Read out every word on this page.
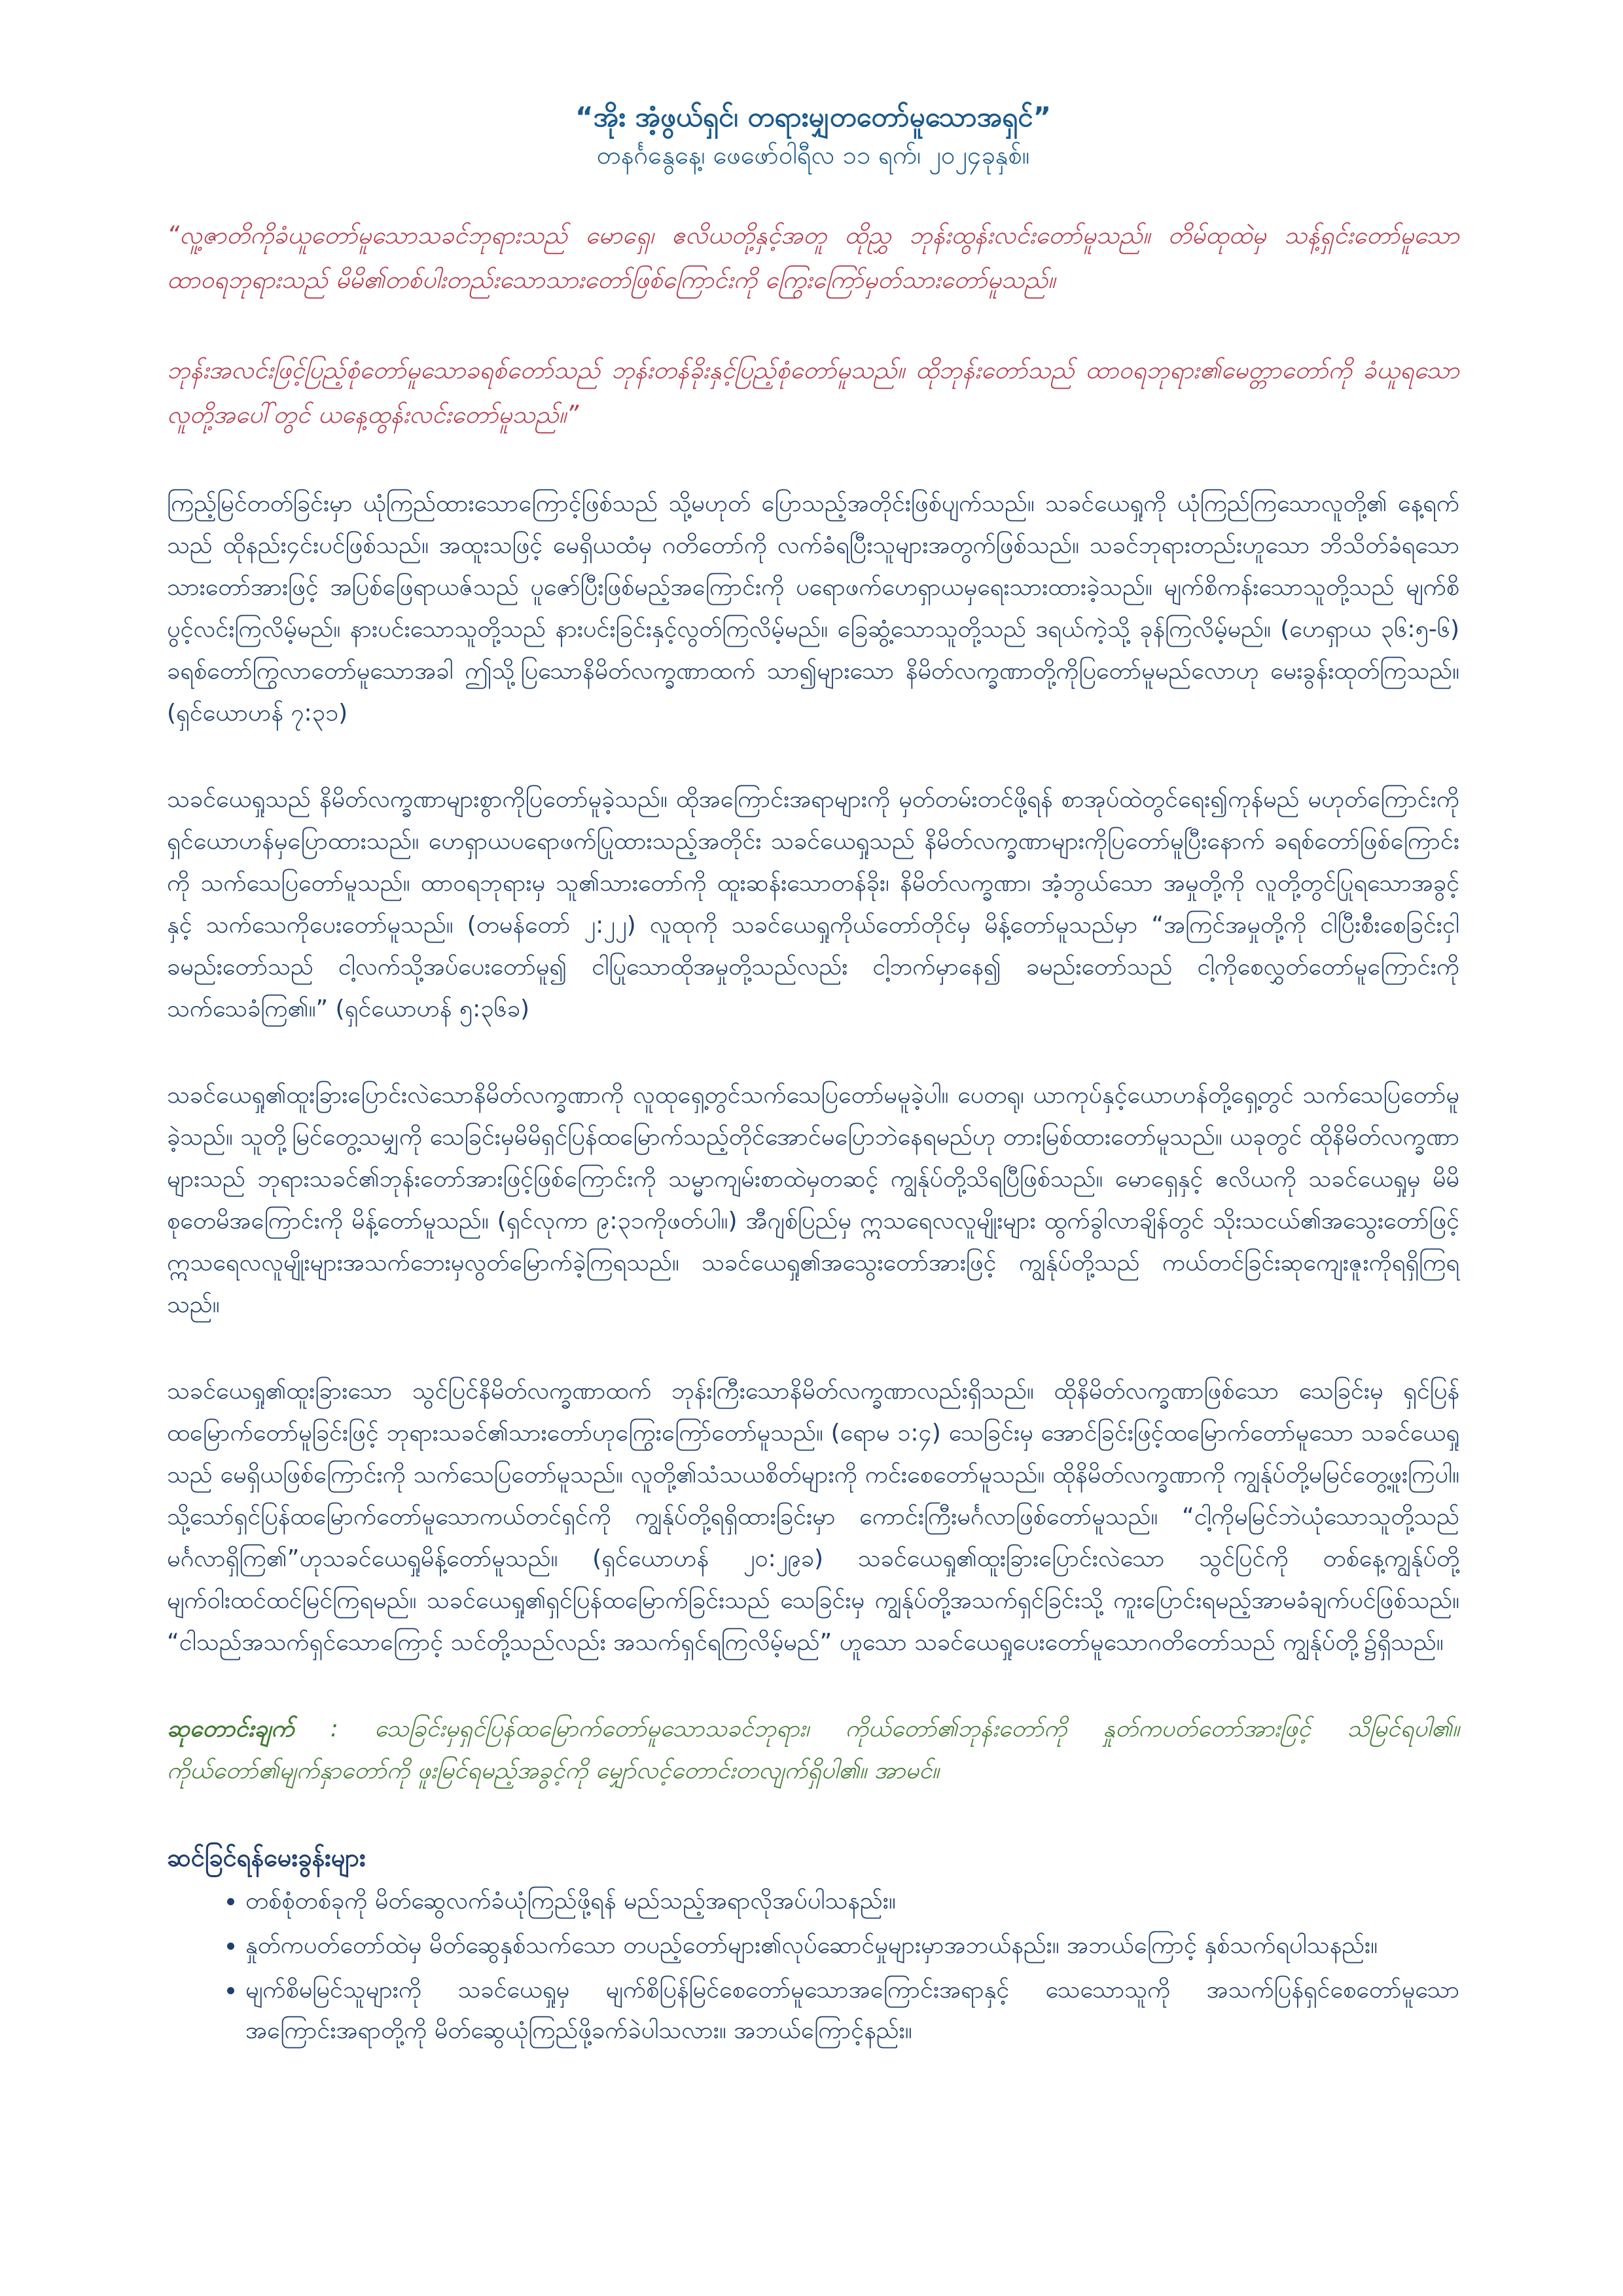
“အိုး အံ့ဖွယ်ရှင်၊ တရားမျှတတော်မူသောအရှင်”
တနင်္ဂနွေနေ့၊ ဖေဖော်ဝါရီလ ၁၁ ရက်၊ ၂၀၂၄ခုနှစ်။

“လူ့ဇာတိကိုခံယူတော်မူသောသခင်ဘုရားသည် မောရှေ၊ ဧလိယတို့နှင့်အတူ ထိုညွှ ဘုန်းထွန်းလင်းတော်မူသည်။ တိမ်ထုထဲမှ သန့်ရှင်းတော်မူသော ထာဝရဘုရားသည် မိမိ၏တစ်ပါးတည်းသောသားတော်ဖြစ်ကြောင်းကို ကြွေးကြော်မှတ်သားတော်မူသည်။

ဘုန်းအလင်းဖြင့်ပြည့်စုံတော်မူသောခရစ်တော်သည် ဘုန်းတန်ခိုးနှင့်ပြည့်စုံတော်မူသည်။ ထိုဘုန်းတော်သည် ထာဝရဘုရား၏မေတ္တာတော်ကို ခံယူရသောလူတို့အပေါ်တွင် ယနေ့ထွန်းလင်းတော်မူသည်။”

ကြည့်မြင်တတ်ခြင်းမှာ ယုံကြည်ထားသောကြောင့်ဖြစ်သည် သို့မဟုတ် ပြောသည့်အတိုင်းဖြစ်ပျက်သည်။ သခင်ယေရှုကို ယုံကြည်ကြသောလူတို့၏ နေ့ရက်သည် ထိုနည်း၄င်းပင်ဖြစ်သည်။ အထူးသဖြင့် မေရှိယထံမှ ဂတိတော်ကို လက်ခံရပြီးသူများအတွက်ဖြစ်သည်။ သခင်ဘုရားတည်းဟူသော ဘိသိတ်ခံရသောသားတော်အားဖြင့် အပြစ်ဖြေရာယဇ်သည် ပူဇော်ပြီးဖြစ်မည့်အကြောင်းကို ပရောဖက်ဟေရှာယမှရေးသားထားခဲ့သည်။ မျက်စိကန်းသောသူတို့သည် မျက်စိပွင့်လင်းကြလိမ့်မည်။ နားပင်းသောသူတို့သည် နားပင်းခြင်းနှင့်လွတ်ကြလိမ့်မည်။ ခြေဆွံ့သောသူတို့သည် ဒရယ်ကဲ့သို့ ခုန်ကြလိမ့်မည်။ (ဟေရှာယ ၃၆:၅-၆) ခရစ်တော်ကြွလာတော်မူသောအခါ ဤသို့ပြသောနိမိတ်လက္ခဏာထက် သာ၍များသော နိမိတ်လက္ခဏာတို့ကိုပြတော်မူမည်လောဟု မေးခွန်းထုတ်ကြသည်။ (ရှင်ယောဟန် ၇:၃၁)

သခင်ယေရှုသည် နိမိတ်လက္ခဏာများစွာကိုပြတော်မူခဲ့သည်။ ထိုအကြောင်းအရာများကို မှတ်တမ်းတင်ဖို့ရန် စာအုပ်ထဲတွင်ရေး၍ကုန်မည် မဟုတ်ကြောင်းကို ရှင်ယောဟန်မှပြောထားသည်။ ဟေရှာယပရောဖက်ပြုထားသည့်အတိုင်း သခင်ယေရှုသည် နိမိတ်လက္ခဏာများကိုပြတော်မူပြီးနောက် ခရစ်တော်ဖြစ်ကြောင်းကို သက်သေပြတော်မူသည်။ ထာဝရဘုရားမှ သူ၏သားတော်ကို ထူးဆန်းသောတန်ခိုး၊ နိမိတ်လက္ခဏာ၊ အံ့ဘွယ်သော အမှုတို့ကို လူတို့တွင်ပြုရသောအခွင့်နှင့် သက်သေကိုပေးတော်မူသည်။ (တမန်တော် ၂:၂၂) လူထုကို သခင်ယေရှုကိုယ်တော်တိုင်မှ မိန့်တော်မူသည်မှာ “အကြင်အမှုတို့ကို ငါပြီးစီးစေခြင်းငှါ ခမည်းတော်သည် ငါ့လက်သို့အပ်ပေးတော်မူ၍ ငါပြုသောထိုအမှုတို့သည်လည်း ငါ့ဘက်မှာနေ၍ ခမည်းတော်သည် ငါ့ကိုစေလွှတ်တော်မူကြောင်းကိုသက်သေခံကြ၏။” (ရှင်ယောဟန် ၅:၃၆ခ)

သခင်ယေရှု၏ထူးခြားပြောင်းလဲသောနိမိတ်လက္ခဏာကို လူထုရှေ့တွင်သက်သေပြတော်မမူခဲ့ပါ။ ပေတရု၊ ယာကုပ်နှင့်ယောဟန်တို့ရှေ့တွင် သက်သေပြတော်မူခဲ့သည်။ သူတို့မြင်တွေ့သမျှကို သေခြင်းမှမိမိရှင်ပြန်ထမြောက်သည့်တိုင်အောင်မပြောဘဲနေရမည်ဟု တားမြစ်ထားတော်မူသည်။ ယခုတွင် ထိုနိမိတ်လက္ခဏာများသည် ဘုရားသခင်၏ဘုန်းတော်အားဖြင့်ဖြစ်ကြောင်းကို သမ္မာကျမ်းစာထဲမှတဆင့် ကျွန်ုပ်တို့သိရပြီဖြစ်သည်။ မောရှေနှင့် ဧလိယကို သခင်ယေရှုမှ မိမိစုတေမိအကြောင်းကို မိန့်တော်မူသည်။ (ရှင်လုကာ ၉:၃၁ကိုဖတ်ပါ။) အီဂျစ်ပြည်မှ ဣသရေလလူမျိုးများ ထွက်ခွါလာချိန်တွင် သိုးသငယ်၏အသွေးတော်ဖြင့် ဣသရေလလူမျိုးများအသက်ဘေးမှလွတ်မြောက်ခဲ့ကြရသည်။ သခင်ယေရှု၏အသွေးတော်အားဖြင့် ကျွန်ုပ်တို့သည် ကယ်တင်ခြင်းဆုကျေးဇူးကိုရရှိကြရသည်။

သခင်ယေရှု၏ထူးခြားသော သွင်ပြင်နိမိတ်လက္ခဏာထက် ဘုန်းကြီးသောနိမိတ်လက္ခဏာလည်းရှိသည်။ ထိုနိမိတ်လက္ခဏာဖြစ်သော သေခြင်းမှ ရှင်ပြန်ထမြောက်တော်မူခြင်းဖြင့် ဘုရားသခင်၏သားတော်ဟုကြွေးကြော်တော်မူသည်။ (ရောမ ၁:၄) သေခြင်းမှ အောင်ခြင်းဖြင့်ထမြောက်တော်မူသော သခင်ယေရှုသည် မေရှိယဖြစ်ကြောင်းကို သက်သေပြတော်မူသည်။ လူတို့၏သံသယစိတ်များကို ကင်းစေတော်မူသည်။ ထိုနိမိတ်လက္ခဏာကို ကျွန်ုပ်တို့မမြင်တွေ့ဖူးကြပါ။ သို့သော်ရှင်ပြန်ထမြောက်တော်မူသောကယ်တင်ရှင်ကို ကျွန်ုပ်တို့ရရှိထားခြင်းမှာ ကောင်းကြီးမင်္ဂလာဖြစ်တော်မူသည်။ “ငါ့ကိုမမြင်ဘဲယုံသောသူတို့သည် မင်္ဂလာရှိကြ၏”ဟုသခင်ယေရှုမိန့်တော်မူသည်။ (ရှင်ယောဟန် ၂၀:၂၉ခ) သခင်ယေရှု၏ထူးခြားပြောင်းလဲသော သွင်ပြင်ကို တစ်နေ့ကျွန်ုပ်တို့မျက်ဝါးထင်ထင်မြင်ကြရမည်။ သခင်ယေရှု၏ရှင်ပြန်ထမြောက်ခြင်းသည် သေခြင်းမှ ကျွန်ုပ်တို့အသက်ရှင်ခြင်းသို့ ကူးပြောင်းရမည့်အာမခံချက်ပင်ဖြစ်သည်။ “ငါသည်အသက်ရှင်သောကြောင့် သင်တို့သည်လည်း အသက်ရှင်ရကြလိမ့်မည်” ဟူသော သခင်ယေရှုပေးတော်မူသောဂတိတော်သည် ကျွန်ုပ်တို့၌ရှိသည်။

ဆုတောင်းချက် : သေခြင်းမှရှင်ပြန်ထမြောက်တော်မူသောသခင်ဘုရား၊ ကိုယ်တော်၏ဘုန်းတော်ကို နှုတ်ကပတ်တော်အားဖြင့် သိမြင်ရပါ၏။ ကိုယ်တော်၏မျက်နှာတော်ကို ဖူးမြင်ရမည့်အခွင့်ကို မျှော်လင့်တောင်းတလျက်ရှိပါ၏။ အာမင်။
ဆင်ခြင်ရန်မေးခွန်းများ
• တစ်စုံတစ်ခုကို မိတ်ဆွေလက်ခံယုံကြည်ဖို့ရန် မည်သည့်အရာလိုအပ်ပါသနည်း။
• နှုတ်ကပတ်တော်ထဲမှ မိတ်ဆွေနှစ်သက်သော တပည့်တော်များ၏လုပ်ဆောင်မှုများမှာအဘယ်နည်း။ အဘယ်ကြောင့် နှစ်သက်ရပါသနည်း။
• မျက်စိမမြင်သူများကို သခင်ယေရှုမှ မျက်စိပြန်မြင်စေတော်မူသောအကြောင်းအရာနှင့် သေသောသူကို အသက်ပြန်ရှင်စေတော်မူသော အကြောင်းအရာတို့ကို မိတ်ဆွေယုံကြည်ဖို့ခက်ခဲပါသလား။ အဘယ်ကြောင့်နည်း။
